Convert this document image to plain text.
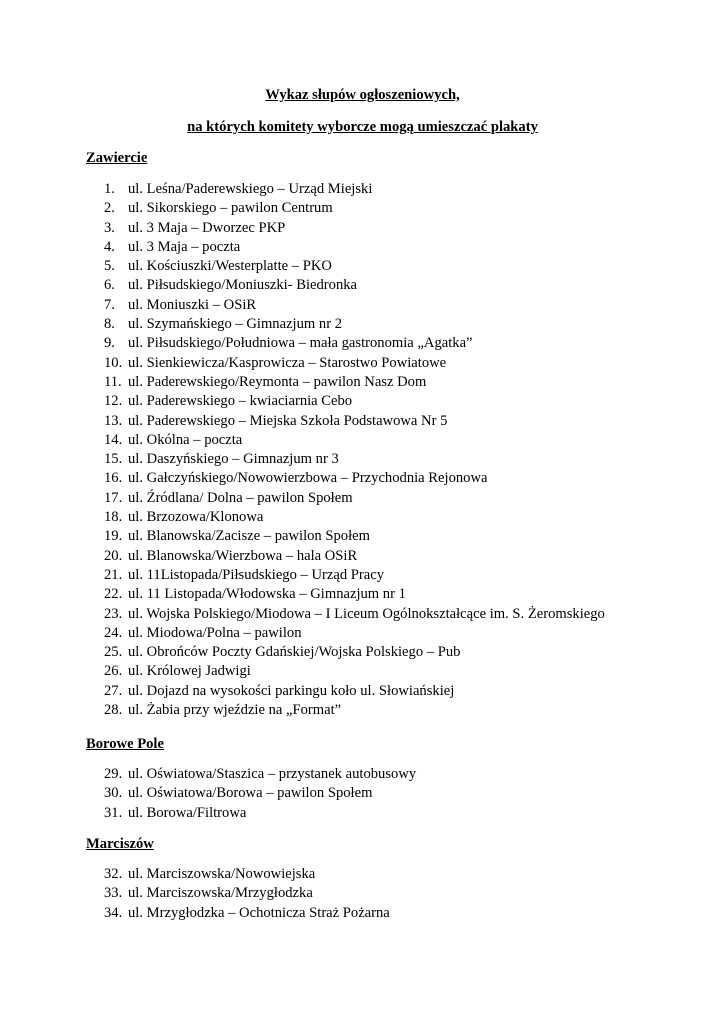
Wykaz słupów ogłoszeniowych,
na których komitety wyborcze mogą umieszczać plakaty
Zawiercie
1. ul. Leśna/Paderewskiego – Urząd Miejski
2. ul. Sikorskiego – pawilon Centrum
3. ul. 3 Maja – Dworzec PKP
4. ul. 3 Maja – poczta
5. ul. Kościuszki/Westerplatte – PKO
6. ul. Piłsudskiego/Moniuszki- Biedronka
7. ul. Moniuszki – OSiR
8. ul. Szymańskiego – Gimnazjum nr 2
9. ul. Piłsudskiego/Południowa – mała gastronomia „Agatka”
10. ul. Sienkiewicza/Kasprowicza – Starostwo Powiatowe
11. ul. Paderewskiego/Reymonta – pawilon Nasz Dom
12. ul. Paderewskiego – kwiaciarnia Cebo
13. ul. Paderewskiego – Miejska Szkoła Podstawowa Nr 5
14. ul. Okólna – poczta
15. ul. Daszyńskiego – Gimnazjum nr 3
16. ul. Gałczyńskiego/Nowowierzbowa – Przychodnia Rejonowa
17. ul. Źródlana/ Dolna – pawilon Społem
18. ul. Brzozowa/Klonowa
19. ul. Blanowska/Zacisze – pawilon Społem
20. ul. Blanowska/Wierzbowa – hala OSiR
21. ul. 11Listopada/Piłsudskiego – Urząd Pracy
22. ul. 11 Listopada/Włodowska – Gimnazjum nr 1
23. ul. Wojska Polskiego/Miodowa – I Liceum Ogólnokształcące im. S. Żeromskiego
24. ul. Miodowa/Polna – pawilon
25. ul. Obrońców Poczty Gdańskiej/Wojska Polskiego – Pub
26. ul. Królowej Jadwigi
27. ul. Dojazd na wysokości parkingu koło ul. Słowiańskiej
28. ul. Żabia przy wjeździe na „Format”
Borowe Pole
29. ul. Oświatowa/Staszica – przystanek autobusowy
30. ul. Oświatowa/Borowa – pawilon Społem
31. ul. Borowa/Filtrowa
Marciszów
32. ul. Marciszowska/Nowowiejska
33. ul. Marciszowska/Mrzygłodzka
34. ul. Mrzygłodzka – Ochotnicza Straż Pożarna
